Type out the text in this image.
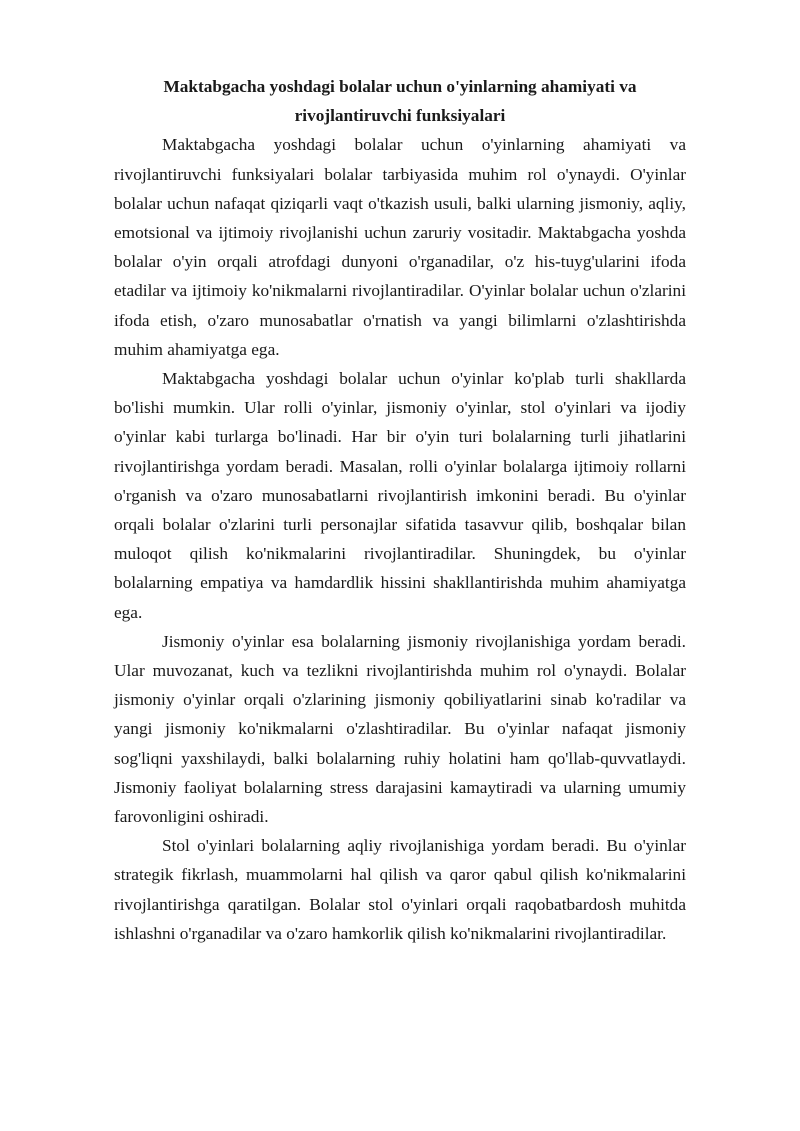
Maktabgacha yoshdagi bolalar uchun o'yinlarning ahamiyati va
rivojlantiruvchi funksiyalari

Maktabgacha yoshdagi bolalar uchun o'yinlarning ahamiyati va rivojlantiruvchi funksiyalari bolalar tarbiyasida muhim rol o'ynaydi. O'yinlar bolalar uchun nafaqat qiziqarli vaqt o'tkazish usuli, balki ularning jismoniy, aqliy, emotsional va ijtimoiy rivojlanishi uchun zaruriy vositadir. Maktabgacha yoshda bolalar o'yin orqali atrofdagi dunyoni o'rganadilar, o'z his-tuyg'ularini ifoda etadilar va ijtimoiy ko'nikmalarni rivojlantiradilar. O'yinlar bolalar uchun o'zlarini ifoda etish, o'zaro munosabatlar o'rnatish va yangi bilimlarni o'zlashtirishda muhim ahamiyatga ega.

Maktabgacha yoshdagi bolalar uchun o'yinlar ko'plab turli shakllarda bo'lishi mumkin. Ular rolli o'yinlar, jismoniy o'yinlar, stol o'yinlari va ijodiy o'yinlar kabi turlarga bo'linadi. Har bir o'yin turi bolalarning turli jihatlarini rivojlantirishga yordam beradi. Masalan, rolli o'yinlar bolalarga ijtimoiy rollarni o'rganish va o'zaro munosabatlarni rivojlantirish imkonini beradi. Bu o'yinlar orqali bolalar o'zlarini turli personajlar sifatida tasavvur qilib, boshqalar bilan muloqot qilish ko'nikmalarini rivojlantiradilar. Shuningdek, bu o'yinlar bolalarning empatiya va hamdardlik hissini shakllantirishda muhim ahamiyatga ega.

Jismoniy o'yinlar esa bolalarning jismoniy rivojlanishiga yordam beradi. Ular muvozanat, kuch va tezlikni rivojlantirishda muhim rol o'ynaydi. Bolalar jismoniy o'yinlar orqali o'zlarining jismoniy qobiliyatlarini sinab ko'radilar va yangi jismoniy ko'nikmalarni o'zlashtiradilar. Bu o'yinlar nafaqat jismoniy sog'liqni yaxshilaydi, balki bolalarning ruhiy holatini ham qo'llab-quvvatlaydi. Jismoniy faoliyat bolalarning stress darajasini kamaytiradi va ularning umumiy farovonligini oshiradi.

Stol o'yinlari bolalarning aqliy rivojlanishiga yordam beradi. Bu o'yinlar strategik fikrlash, muammolarni hal qilish va qaror qabul qilish ko'nikmalarini rivojlantirishga qaratilgan. Bolalar stol o'yinlari orqali raqobatbardosh muhitda ishlashni o'rganadilar va o'zaro hamkorlik qilish ko'nikmalarini rivojlantiradilar.
